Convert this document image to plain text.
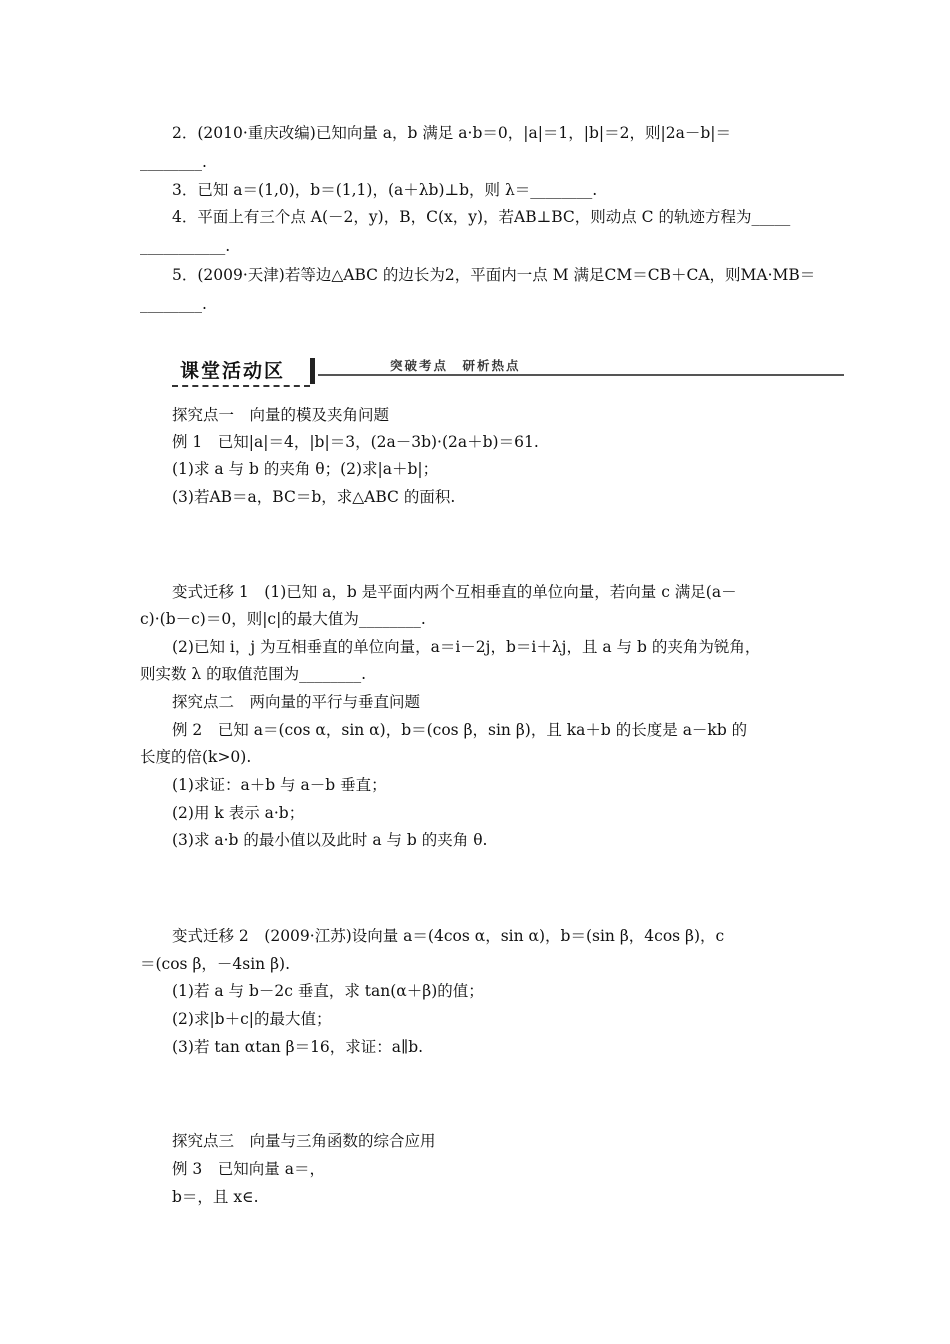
2．(2010·重庆改编)已知向量 a，b 满足 a·b＝0，|a|＝1，|b|＝2，则|2a－b|＝
________.
3．已知 a＝(1,0)，b＝(1,1)，(a＋λb)⊥b，则 λ＝________.
4．平面上有三个点 A(－2，y)，B，C(x，y)，若AB⊥BC，则动点 C 的轨迹方程为_____
___________.
5．(2009·天津)若等边△ABC 的边长为2，平面内一点 M 满足CM＝CB＋CA，则MA·MB＝
________.
课堂活动区	突破考点　研析热点
探究点一　向量的模及夹角问题
例 1　已知|a|＝4，|b|＝3，(2a－3b)·(2a＋b)＝61.
(1)求 a 与 b 的夹角 θ；(2)求|a＋b|；
(3)若AB＝a，BC＝b，求△ABC 的面积.
变式迁移 1　(1)已知 a，b 是平面内两个互相垂直的单位向量，若向量 c 满足(a－
c)·(b－c)＝0，则|c|的最大值为________.
(2)已知 i，j 为互相垂直的单位向量，a＝i－2j，b＝i＋λj，且 a 与 b 的夹角为锐角，
则实数 λ 的取值范围为________.
探究点二　两向量的平行与垂直问题
例 2　已知 a＝(cos α，sin α)，b＝(cos β，sin β)，且 ka＋b 的长度是 a－kb 的
长度的倍(k>0).
(1)求证：a＋b 与 a－b 垂直；
(2)用 k 表示 a·b；
(3)求 a·b 的最小值以及此时 a 与 b 的夹角 θ.
变式迁移 2　(2009·江苏)设向量 a＝(4cos α，sin α)，b＝(sin β，4cos β)，c
＝(cos β，－4sin β).
(1)若 a 与 b－2c 垂直，求 tan(α＋β)的值；
(2)求|b＋c|的最大值；
(3)若 tan αtan β＝16，求证：a∥b.
探究点三　向量与三角函数的综合应用
例 3　已知向量 a＝，
b＝，且 x∈.
